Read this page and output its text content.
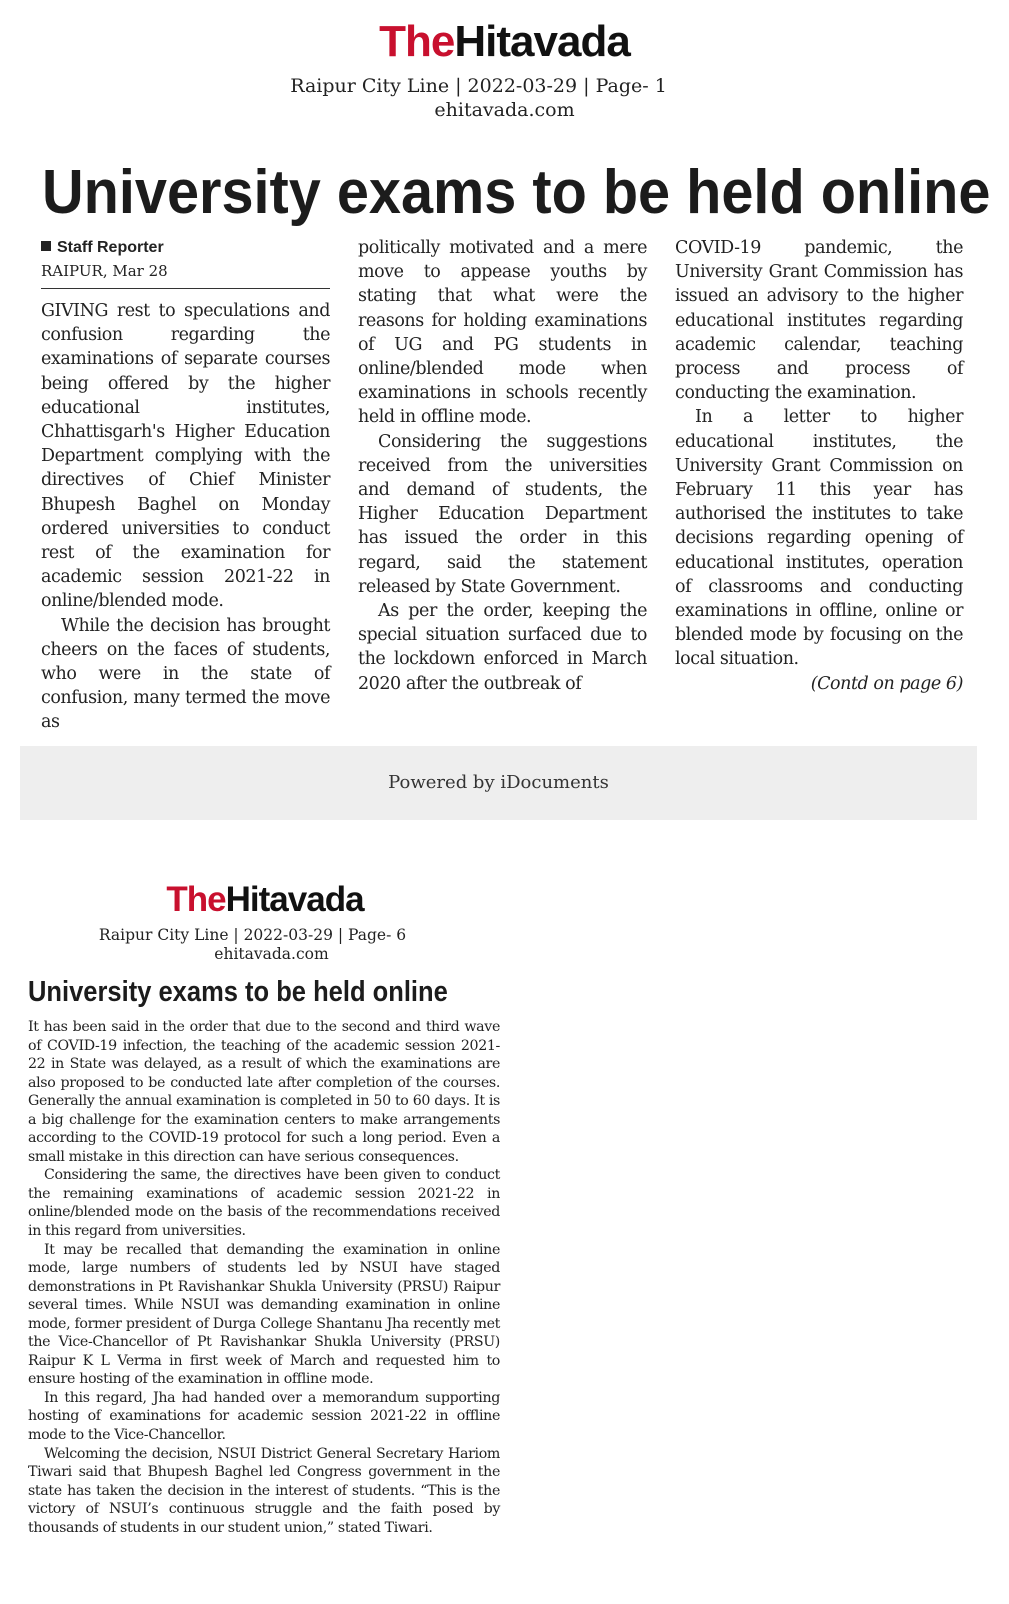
TheHitavada
Raipur City Line | 2022-03-29 | Page- 1
ehitavada.com
University exams to be held online
Staff Reporter
RAIPUR, Mar 28

GIVING rest to speculations and confusion regarding the examinations of separate courses being offered by the higher educational institutes, Chhattisgarh's Higher Education Department complying with the directives of Chief Minister Bhupesh Baghel on Monday ordered universities to conduct rest of the examination for academic session 2021-22 in online/blended mode.

While the decision has brought cheers on the faces of students, who were in the state of confusion, many termed the move as

politically motivated and a mere move to appease youths by stating that what were the reasons for holding examinations of UG and PG students in online/blended mode when examinations in schools recently held in offline mode.

Considering the suggestions received from the universities and demand of students, the Higher Education Department has issued the order in this regard, said the statement released by State Government.

As per the order, keeping the special situation surfaced due to the lockdown enforced in March 2020 after the outbreak of

COVID-19 pandemic, the University Grant Commission has issued an advisory to the higher educational institutes regarding academic calendar, teaching process and process of conducting the examination.

In a letter to higher educational institutes, the University Grant Commission on February 11 this year has authorised the institutes to take decisions regarding opening of educational institutes, operation of classrooms and conducting examinations in offline, online or blended mode by focusing on the local situation.

(Contd on page 6)

Powered by iDocuments
TheHitavada
Raipur City Line | 2022-03-29 | Page- 6
ehitavada.com
University exams to be held online

It has been said in the order that due to the second and third wave of COVID-19 infection, the teaching of the academic session 2021-22 in State was delayed, as a result of which the examinations are also proposed to be conducted late after completion of the courses. Generally the annual examination is completed in 50 to 60 days. It is a big challenge for the examination centers to make arrangements according to the COVID-19 protocol for such a long period. Even a small mistake in this direction can have serious consequences.

Considering the same, the directives have been given to conduct the remaining examinations of academic session 2021-22 in online/blended mode on the basis of the recommendations received in this regard from universities.

It may be recalled that demanding the examination in online mode, large numbers of students led by NSUI have staged demonstrations in Pt Ravishankar Shukla University (PRSU) Raipur several times. While NSUI was demanding examination in online mode, former president of Durga College Shantanu Jha recently met the Vice-Chancellor of Pt Ravishankar Shukla University (PRSU) Raipur K L Verma in first week of March and requested him to ensure hosting of the examination in offline mode.

In this regard, Jha had handed over a memorandum supporting hosting of examinations for academic session 2021-22 in offline mode to the Vice-Chancellor.

Welcoming the decision, NSUI District General Secretary Hariom Tiwari said that Bhupesh Baghel led Congress government in the state has taken the decision in the interest of students. “This is the victory of NSUI’s continuous struggle and the faith posed by thousands of students in our student union,” stated Tiwari.
